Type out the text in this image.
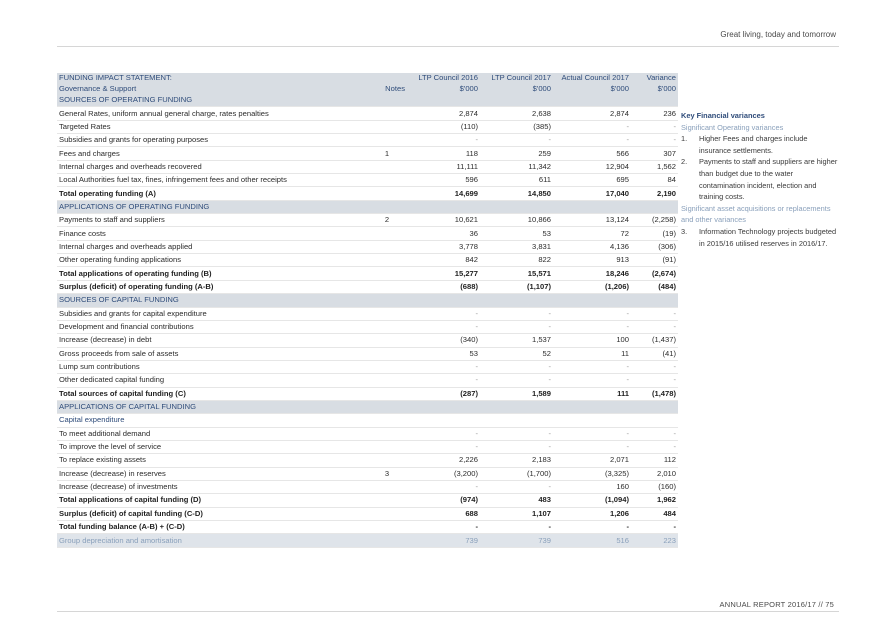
Great living, today and tomorrow
FUNDING IMPACT STATEMENT:		LTP Council 2016	LTP Council 2017	Actual Council 2017	Variance
Governance & Support	Notes	$'000	$'000	$'000	$'000
SOURCES OF OPERATING FUNDING					
General Rates, uniform annual general charge, rates penalties		2,874	2,638	2,874	236
Targeted Rates		(110)	(385)	-	-
Subsidies and grants for operating purposes		-	-	-	-
Fees and charges	1	118	259	566	307
Internal charges and overheads recovered		11,111	11,342	12,904	1,562
Local Authorities fuel tax, fines, infringement fees and other receipts		596	611	695	84
Total operating funding (A)		14,699	14,850	17,040	2,190
APPLICATIONS OF OPERATING FUNDING					
Payments to staff and suppliers	2	10,621	10,866	13,124	(2,258)
Finance costs		36	53	72	(19)
Internal charges and overheads applied		3,778	3,831	4,136	(306)
Other operating funding applications		842	822	913	(91)
Total applications of operating funding (B)		15,277	15,571	18,246	(2,674)
Surplus (deficit) of operating funding (A-B)		(688)	(1,107)	(1,206)	(484)
SOURCES OF CAPITAL FUNDING					
Subsidies and grants for capital expenditure		-	-	-	-
Development and financial contributions		-	-	-	-
Increase (decrease) in debt		(340)	1,537	100	(1,437)
Gross proceeds from sale of assets		53	52	11	(41)
Lump sum contributions		-	-	-	-
Other dedicated capital funding		-	-	-	-
Total sources of capital funding (C)		(287)	1,589	111	(1,478)
APPLICATIONS OF CAPITAL FUNDING					
Capital expenditure					
To meet additional demand		-	-	-	-
To improve the level of service		-	-	-	-
To replace existing assets		2,226	2,183	2,071	112
Increase (decrease) in reserves	3	(3,200)	(1,700)	(3,325)	2,010
Increase (decrease) of investments		-	-	160	(160)
Total applications of capital funding (D)		(974)	483	(1,094)	1,962
Surplus (deficit) of capital funding (C-D)		688	1,107	1,206	484
Total funding balance (A-B) + (C-D)		-	-	-	-
Group depreciation and amortisation		739	739	516	223
Key Financial variances
Significant Operating variances
1.	Higher Fees and charges include insurance settlements.
2.	Payments to staff and suppliers are higher than budget due to the water contamination incident, election and training costs.
Significant asset acquisitions or replacements and other variances
3.	Information Technology projects budgeted in 2015/16 utilised reserves in 2016/17.
ANNUAL REPORT 2016/17 // 75
